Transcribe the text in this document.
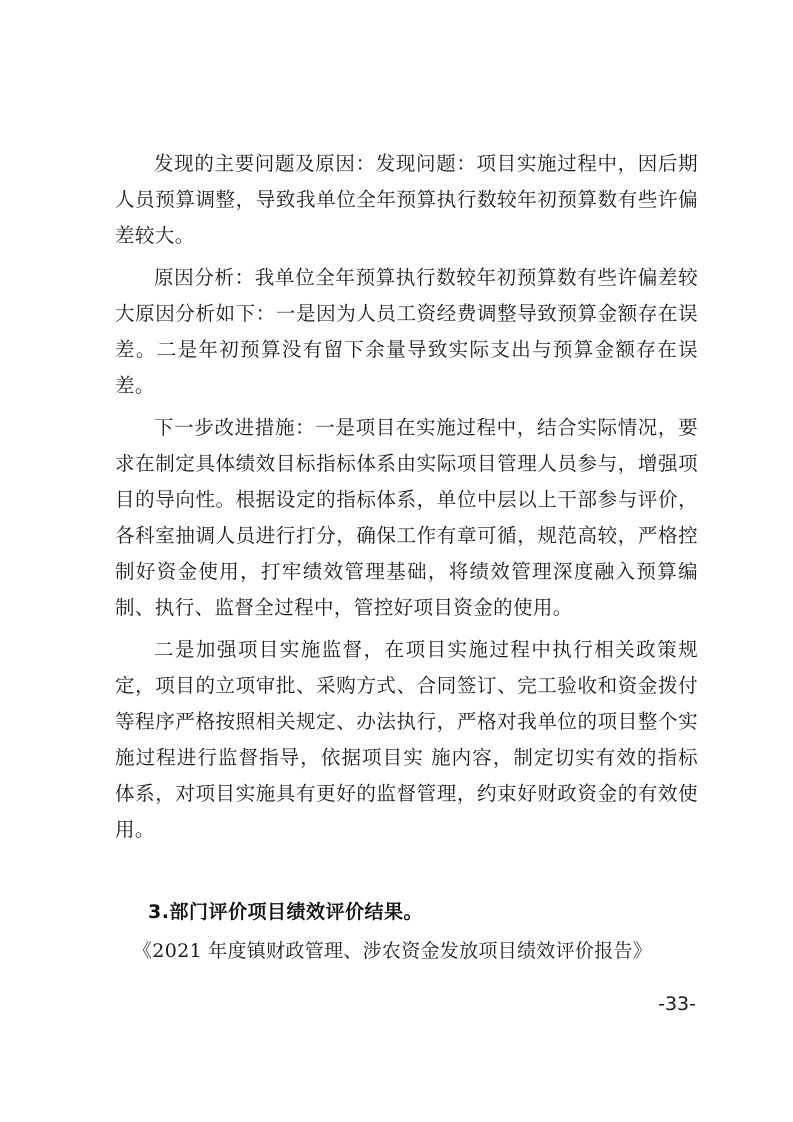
发现的主要问题及原因：发现问题：项目实施过程中，因后期人员预算调整，导致我单位全年预算执行数较年初预算数有些许偏差较大。

原因分析：我单位全年预算执行数较年初预算数有些许偏差较大原因分析如下：一是因为人员工资经费调整导致预算金额存在误差。二是年初预算没有留下余量导致实际支出与预算金额存在误差。

下一步改进措施：一是项目在实施过程中，结合实际情况，要求在制定具体绩效目标指标体系由实际项目管理人员参与，增强项目的导向性。根据设定的指标体系，单位中层以上干部参与评价，各科室抽调人员进行打分，确保工作有章可循，规范高较，严格控制好资金使用，打牢绩效管理基础，将绩效管理深度融入预算编制、执行、监督全过程中，管控好项目资金的使用。

二是加强项目实施监督，在项目实施过程中执行相关政策规定，项目的立项审批、采购方式、合同签订、完工验收和资金拨付等程序严格按照相关规定、办法执行，严格对我单位的项目整个实施过程进行监督指导，依据项目实 施内容，制定切实有效的指标体系，对项目实施具有更好的监督管理，约束好财政资金的有效使用。

3.部门评价项目绩效评价结果。
《2021 年度镇财政管理、涉农资金发放项目绩效评价报告》
-33-
